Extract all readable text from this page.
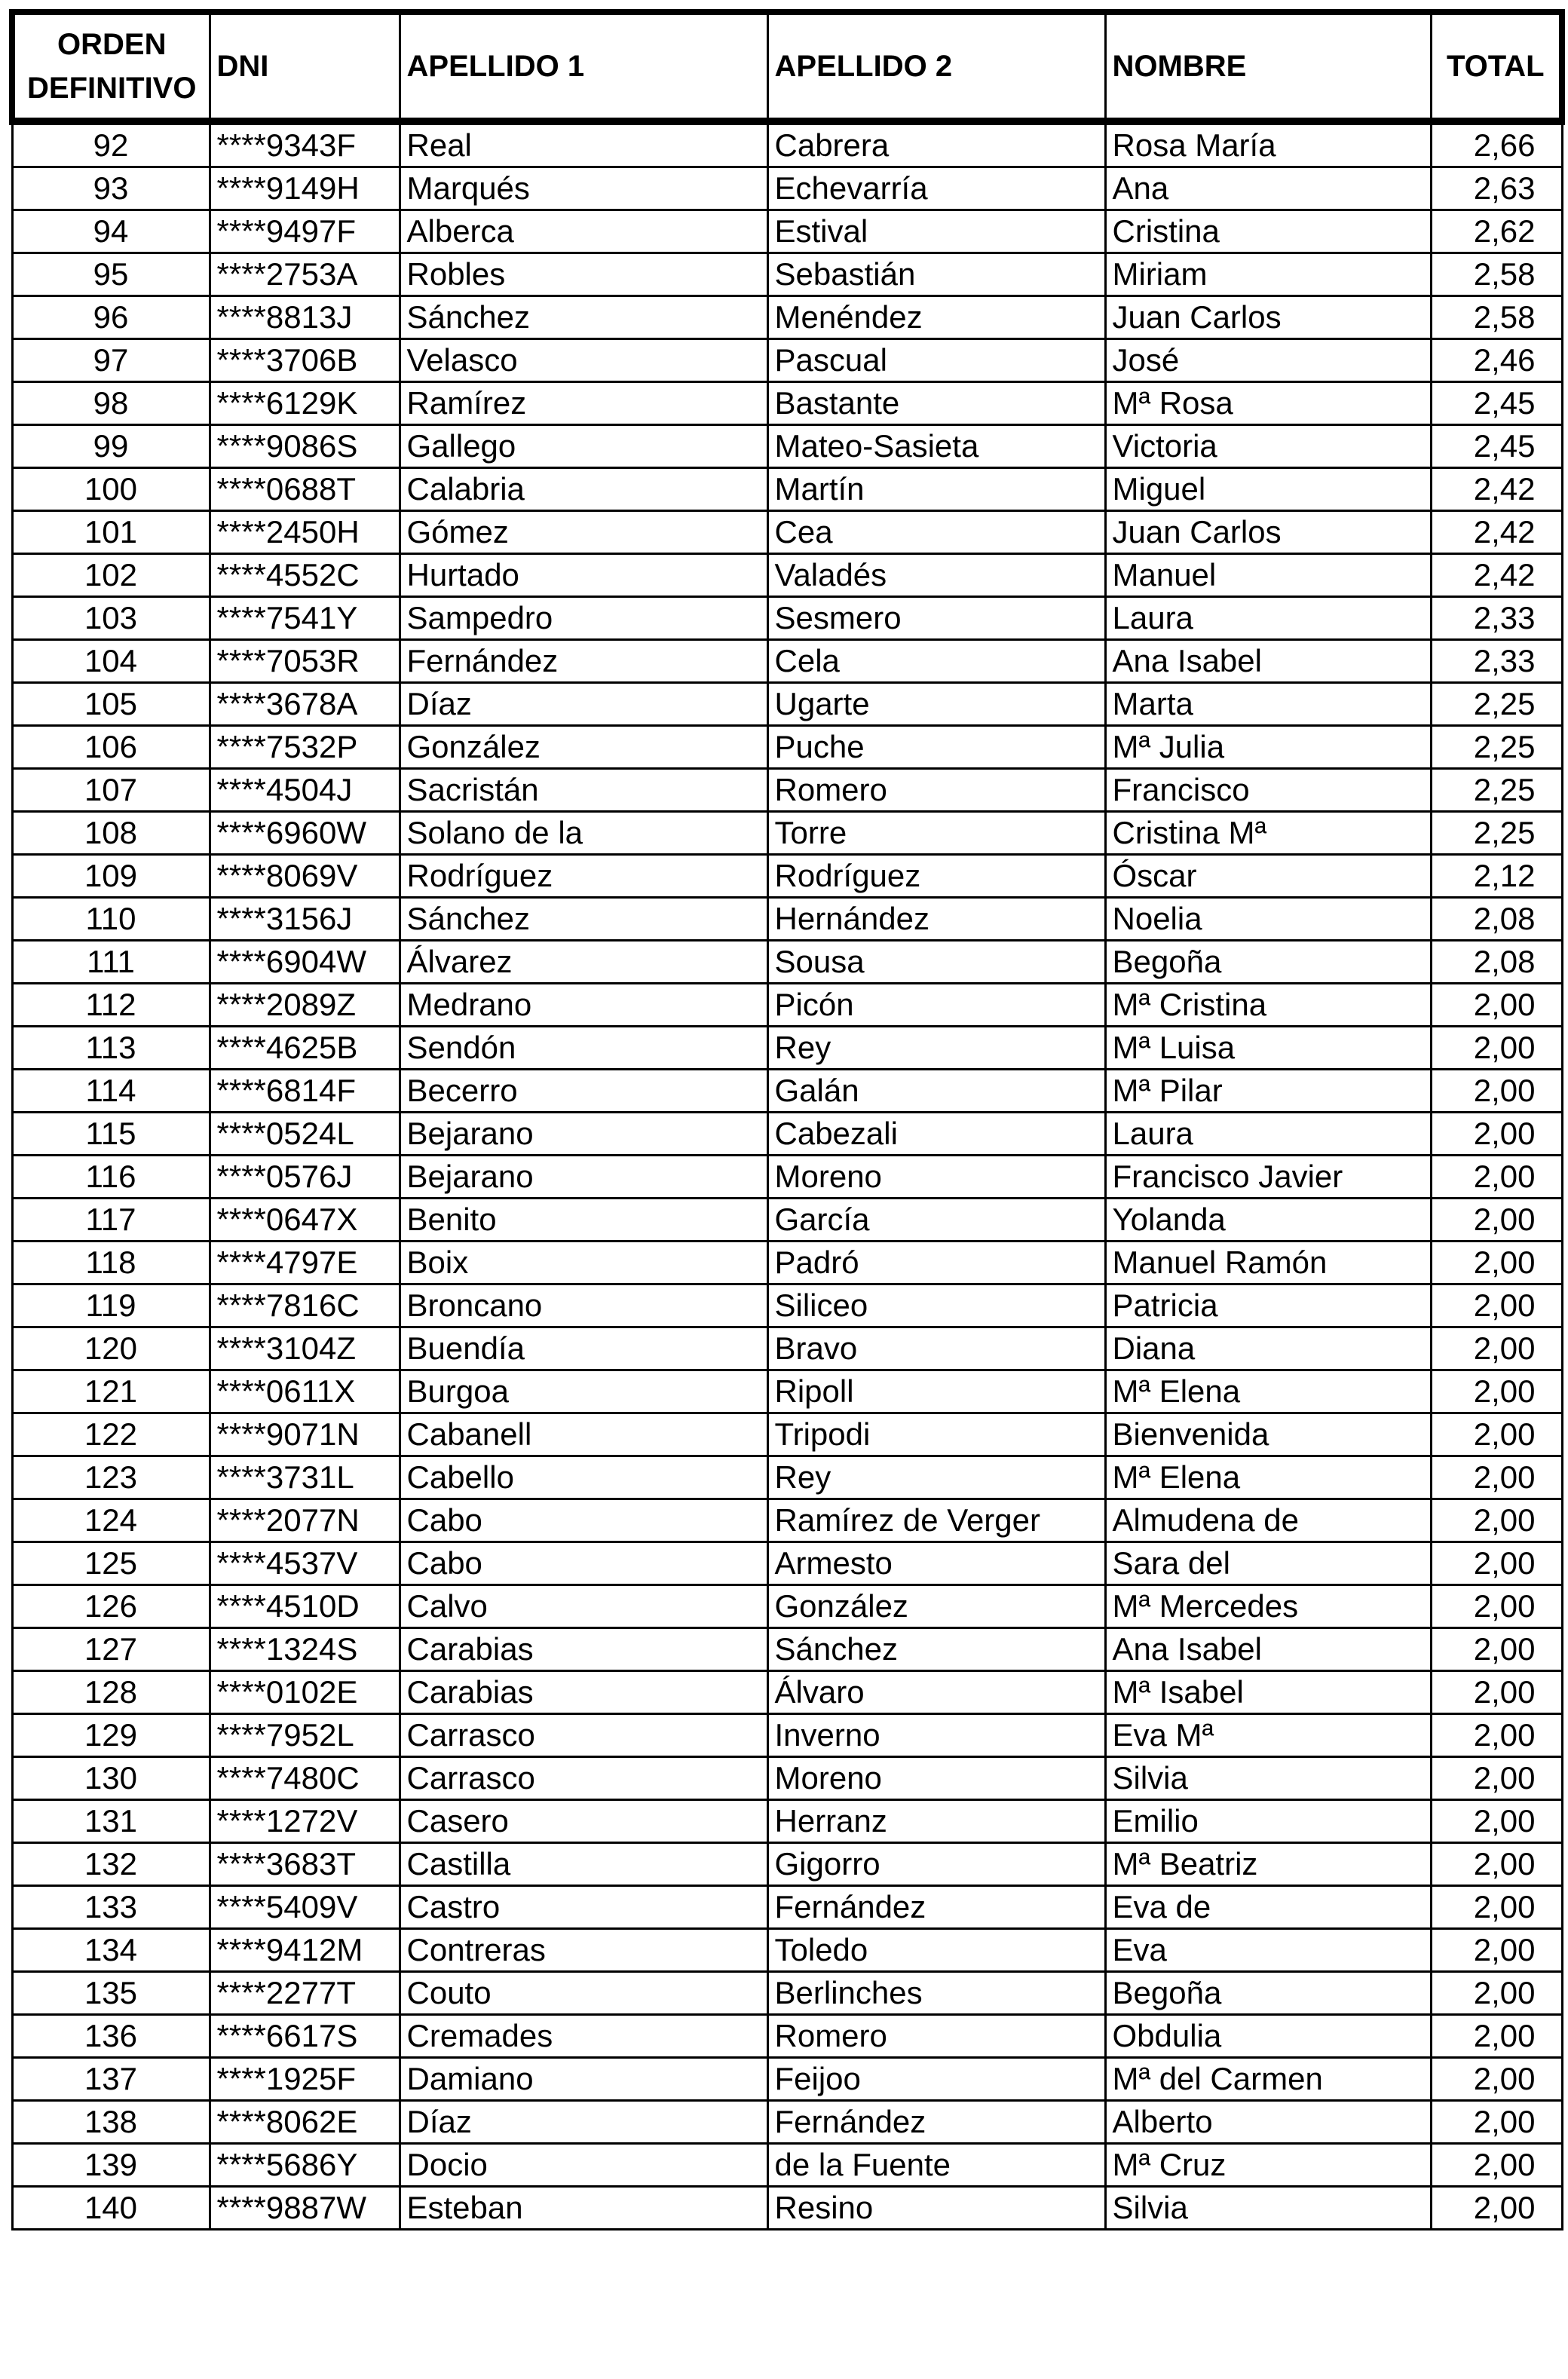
ORDEN
DEFINITIVO	DNI	APELLIDO 1	APELLIDO 2	NOMBRE	TOTAL
92	****9343F	Real	Cabrera	Rosa María	2,66
93	****9149H	Marqués	Echevarría	Ana	2,63
94	****9497F	Alberca	Estival	Cristina	2,62
95	****2753A	Robles	Sebastián	Miriam	2,58
96	****8813J	Sánchez	Menéndez	Juan Carlos	2,58
97	****3706B	Velasco	Pascual	José	2,46
98	****6129K	Ramírez	Bastante	Mª Rosa	2,45
99	****9086S	Gallego	Mateo-Sasieta	Victoria	2,45
100	****0688T	Calabria	Martín	Miguel	2,42
101	****2450H	Gómez	Cea	Juan Carlos	2,42
102	****4552C	Hurtado	Valadés	Manuel	2,42
103	****7541Y	Sampedro	Sesmero	Laura	2,33
104	****7053R	Fernández	Cela	Ana Isabel	2,33
105	****3678A	Díaz	Ugarte	Marta	2,25
106	****7532P	González	Puche	Mª Julia	2,25
107	****4504J	Sacristán	Romero	Francisco	2,25
108	****6960W	Solano de la	Torre	Cristina Mª	2,25
109	****8069V	Rodríguez	Rodríguez	Óscar	2,12
110	****3156J	Sánchez	Hernández	Noelia	2,08
111	****6904W	Álvarez	Sousa	Begoña	2,08
112	****2089Z	Medrano	Picón	Mª Cristina	2,00
113	****4625B	Sendón	Rey	Mª Luisa	2,00
114	****6814F	Becerro	Galán	Mª Pilar	2,00
115	****0524L	Bejarano	Cabezali	Laura	2,00
116	****0576J	Bejarano	Moreno	Francisco Javier	2,00
117	****0647X	Benito	García	Yolanda	2,00
118	****4797E	Boix	Padró	Manuel Ramón	2,00
119	****7816C	Broncano	Siliceo	Patricia	2,00
120	****3104Z	Buendía	Bravo	Diana	2,00
121	****0611X	Burgoa	Ripoll	Mª Elena	2,00
122	****9071N	Cabanell	Tripodi	Bienvenida	2,00
123	****3731L	Cabello	Rey	Mª Elena	2,00
124	****2077N	Cabo	Ramírez de Verger	Almudena de	2,00
125	****4537V	Cabo	Armesto	Sara del	2,00
126	****4510D	Calvo	González	Mª Mercedes	2,00
127	****1324S	Carabias	Sánchez	Ana Isabel	2,00
128	****0102E	Carabias	Álvaro	Mª Isabel	2,00
129	****7952L	Carrasco	Inverno	Eva Mª	2,00
130	****7480C	Carrasco	Moreno	Silvia	2,00
131	****1272V	Casero	Herranz	Emilio	2,00
132	****3683T	Castilla	Gigorro	Mª Beatriz	2,00
133	****5409V	Castro	Fernández	Eva de	2,00
134	****9412M	Contreras	Toledo	Eva	2,00
135	****2277T	Couto	Berlinches	Begoña	2,00
136	****6617S	Cremades	Romero	Obdulia	2,00
137	****1925F	Damiano	Feijoo	Mª del Carmen	2,00
138	****8062E	Díaz	Fernández	Alberto	2,00
139	****5686Y	Docio	de la Fuente	Mª Cruz	2,00
140	****9887W	Esteban	Resino	Silvia	2,00
